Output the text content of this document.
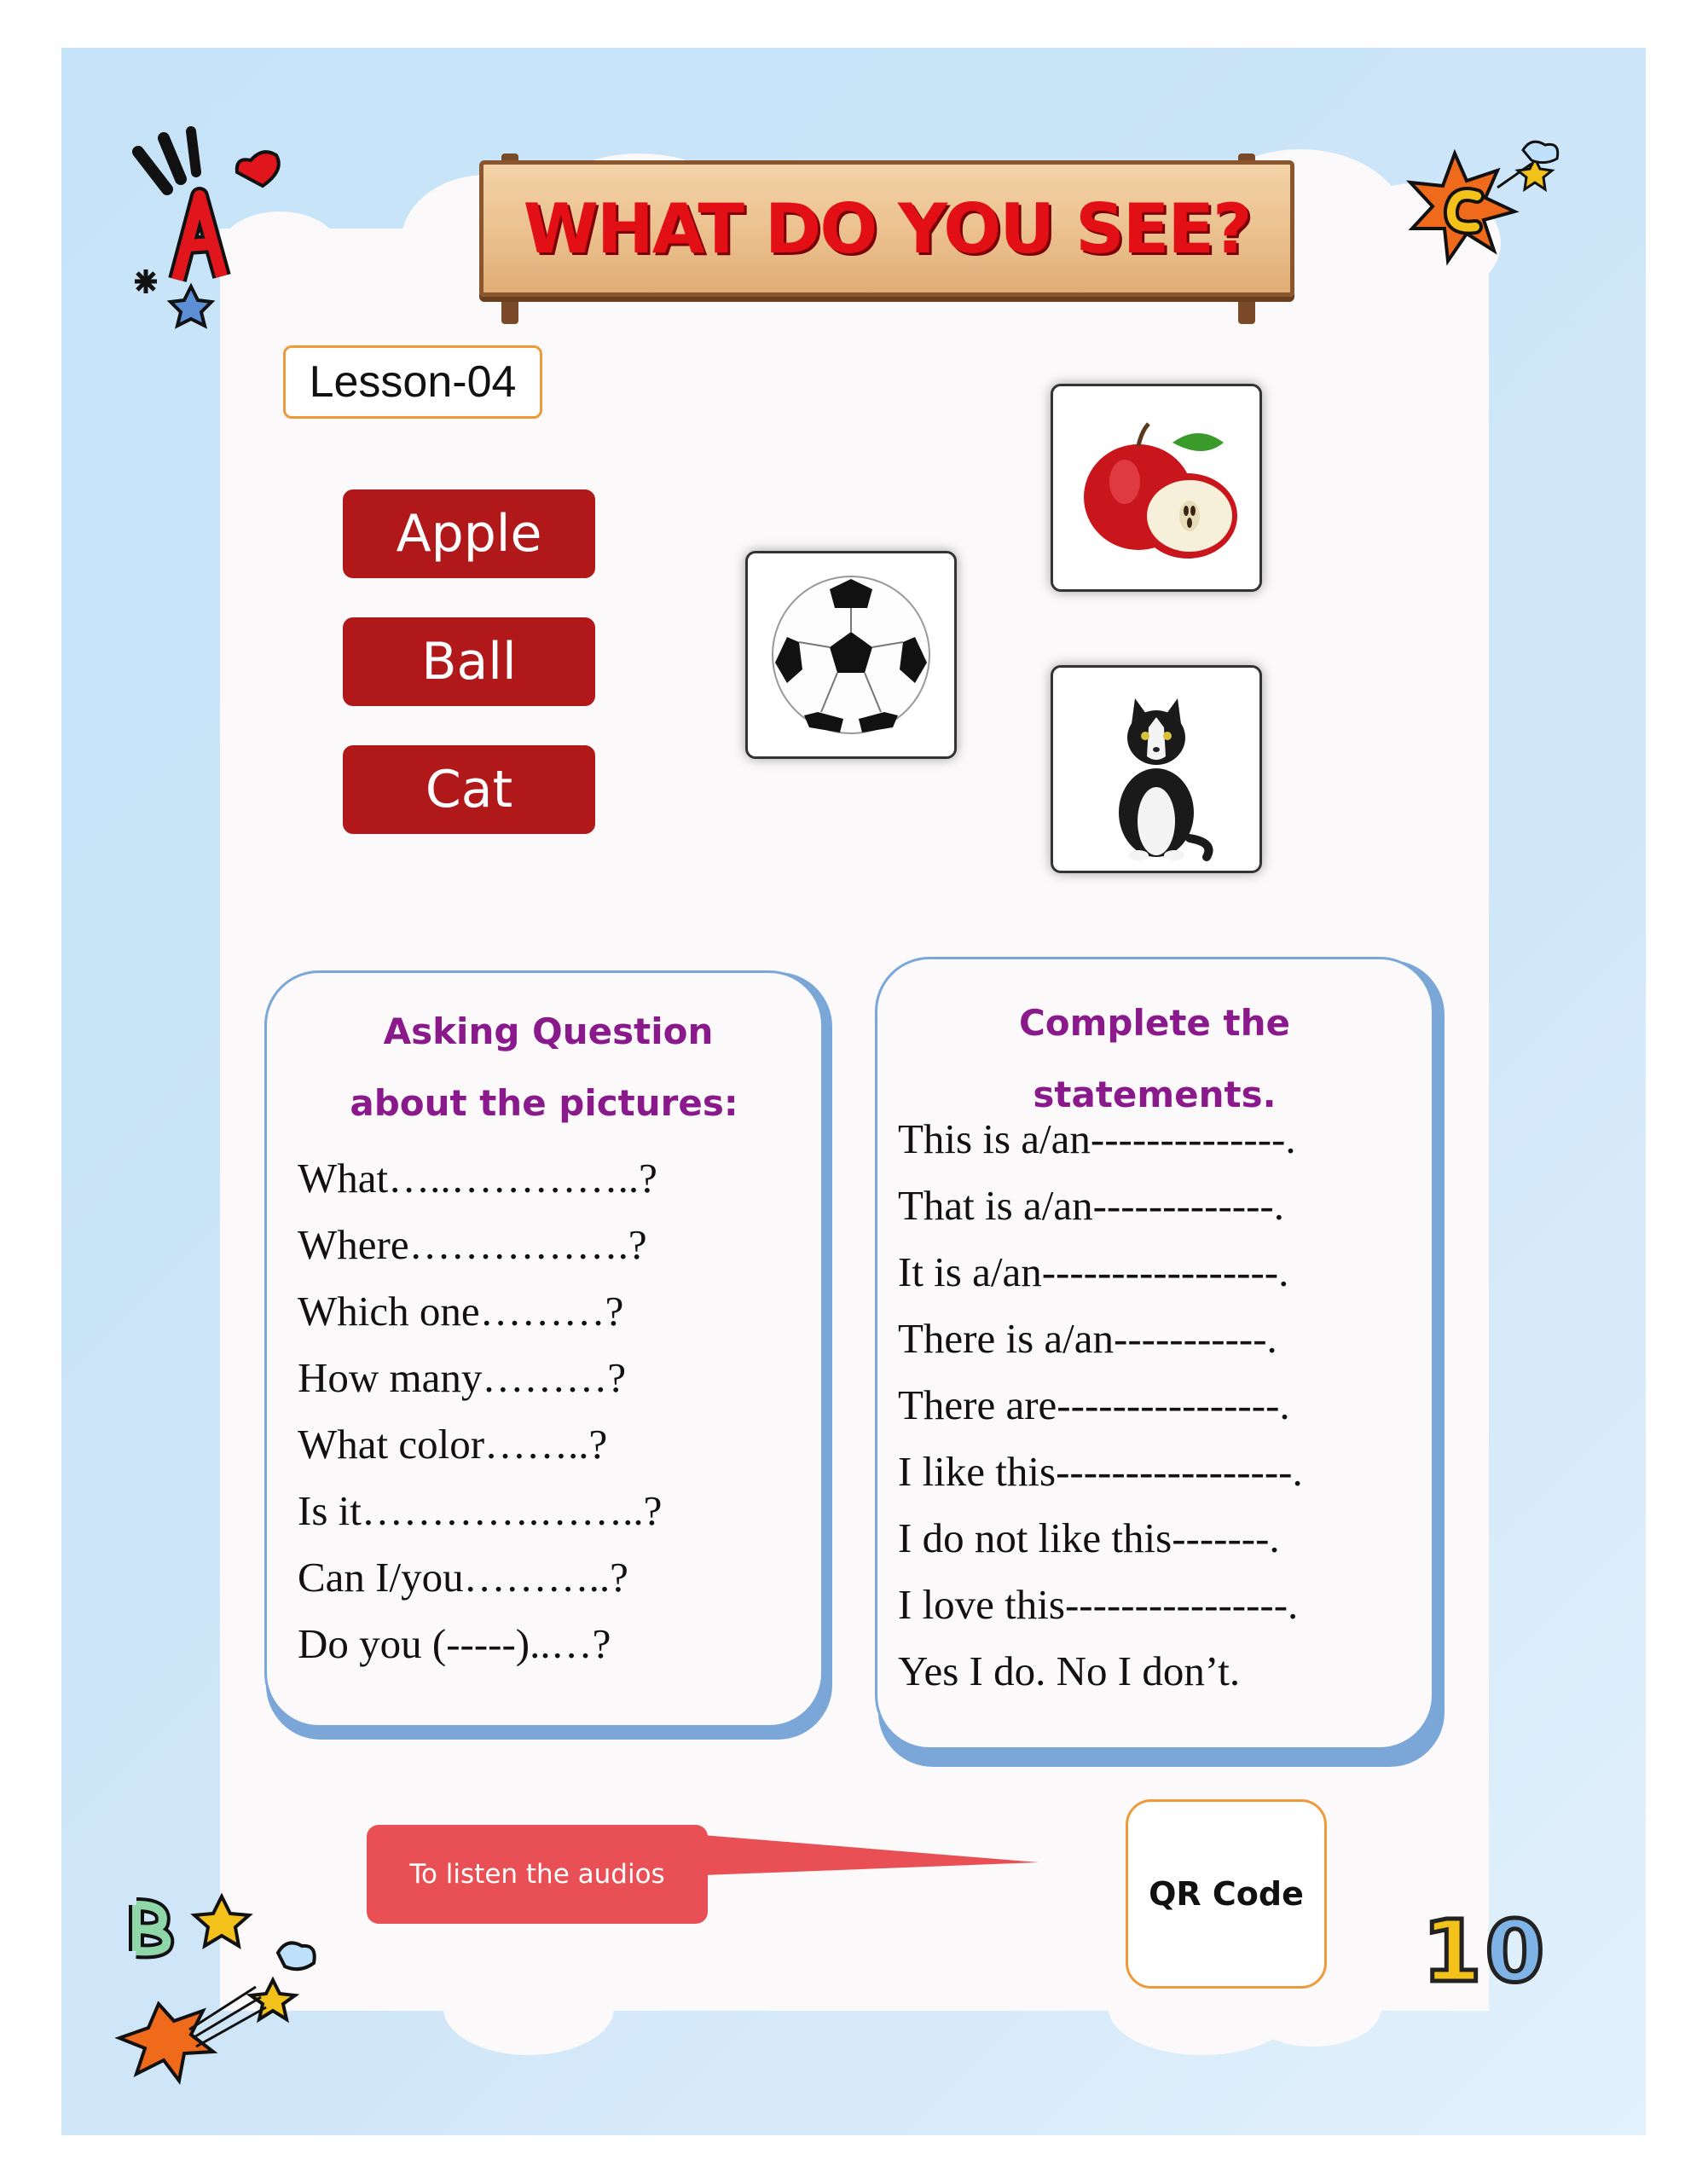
WHAT DO YOU SEE?
Lesson-04
Apple
Ball
Cat

Asking Question

about the pictures:

What…..…………..?
Where…………….?
Which one………?
How many………?
What color……..?
Is it………….……..?
Can I/you………..?
Do you (-----)..…?

Complete the

statements.

This is a/an--------------.
That is a/an-------------.
It is a/an-----------------.
There is a/an-----------.
There are----------------.
I like this-----------------.
I do not like this-------.
I love this----------------.
Yes I do. No I don’t.
To listen the audios
QR Code
10
